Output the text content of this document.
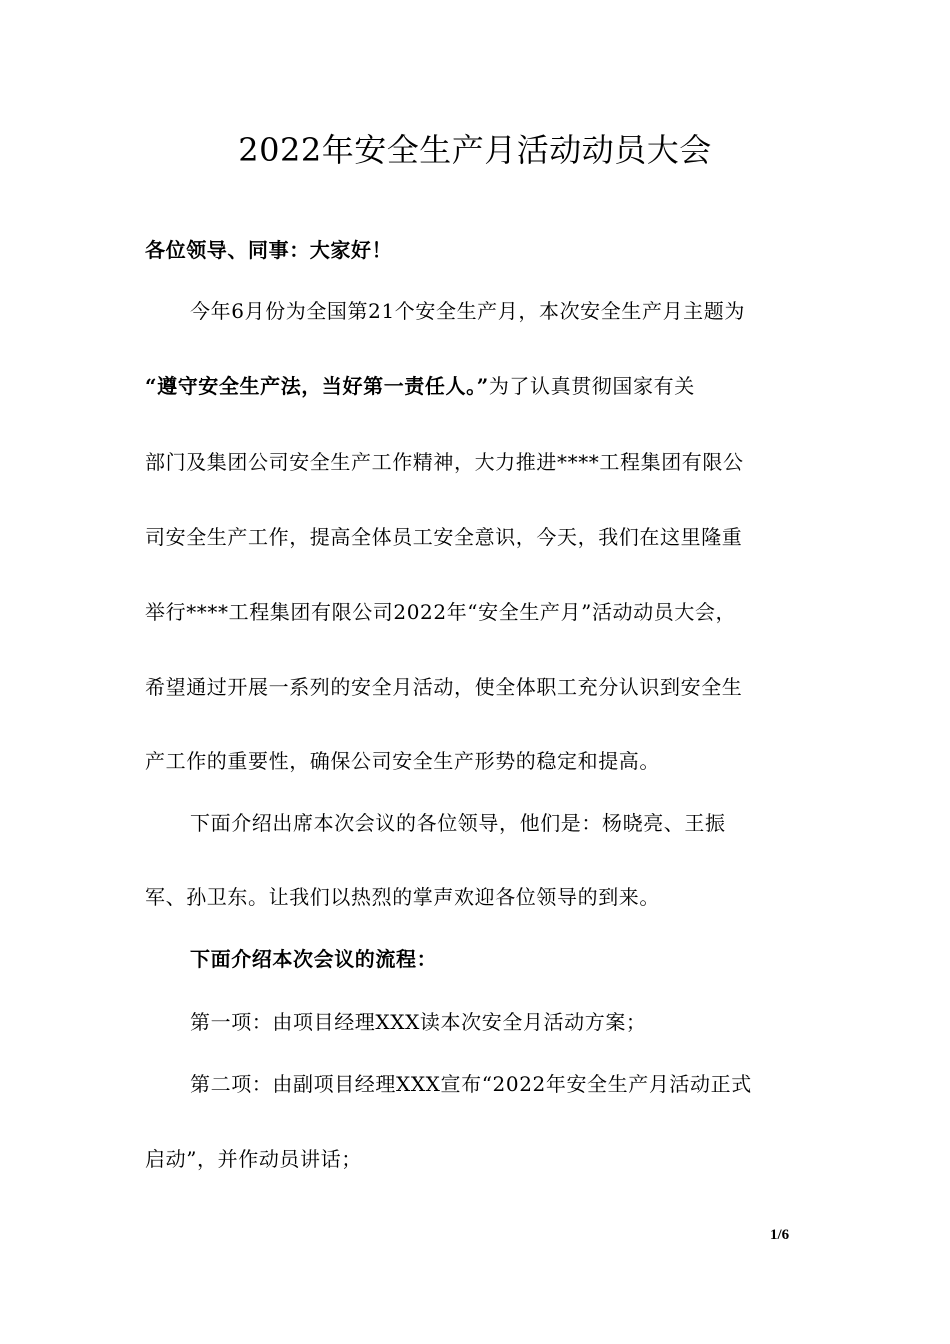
2022年安全生产月活动动员大会
各位领导、同事：大家好！
今年6月份为全国第21个安全生产月，本次安全生产月主题为
“遵守安全生产法，当好第一责任人。”为了认真贯彻国家有关
部门及集团公司安全生产工作精神，大力推进****工程集团有限公
司安全生产工作，提高全体员工安全意识，今天，我们在这里隆重
举行****工程集团有限公司2022年“安全生产月”活动动员大会，
希望通过开展一系列的安全月活动，使全体职工充分认识到安全生
产工作的重要性，确保公司安全生产形势的稳定和提高。
下面介绍出席本次会议的各位领导，他们是：杨晓亮、王振
军、孙卫东。让我们以热烈的掌声欢迎各位领导的到来。
下面介绍本次会议的流程：
第一项：由项目经理XXX读本次安全月活动方案；
第二项：由副项目经理XXX宣布“2022年安全生产月活动正式
启动”，并作动员讲话；
1/6
